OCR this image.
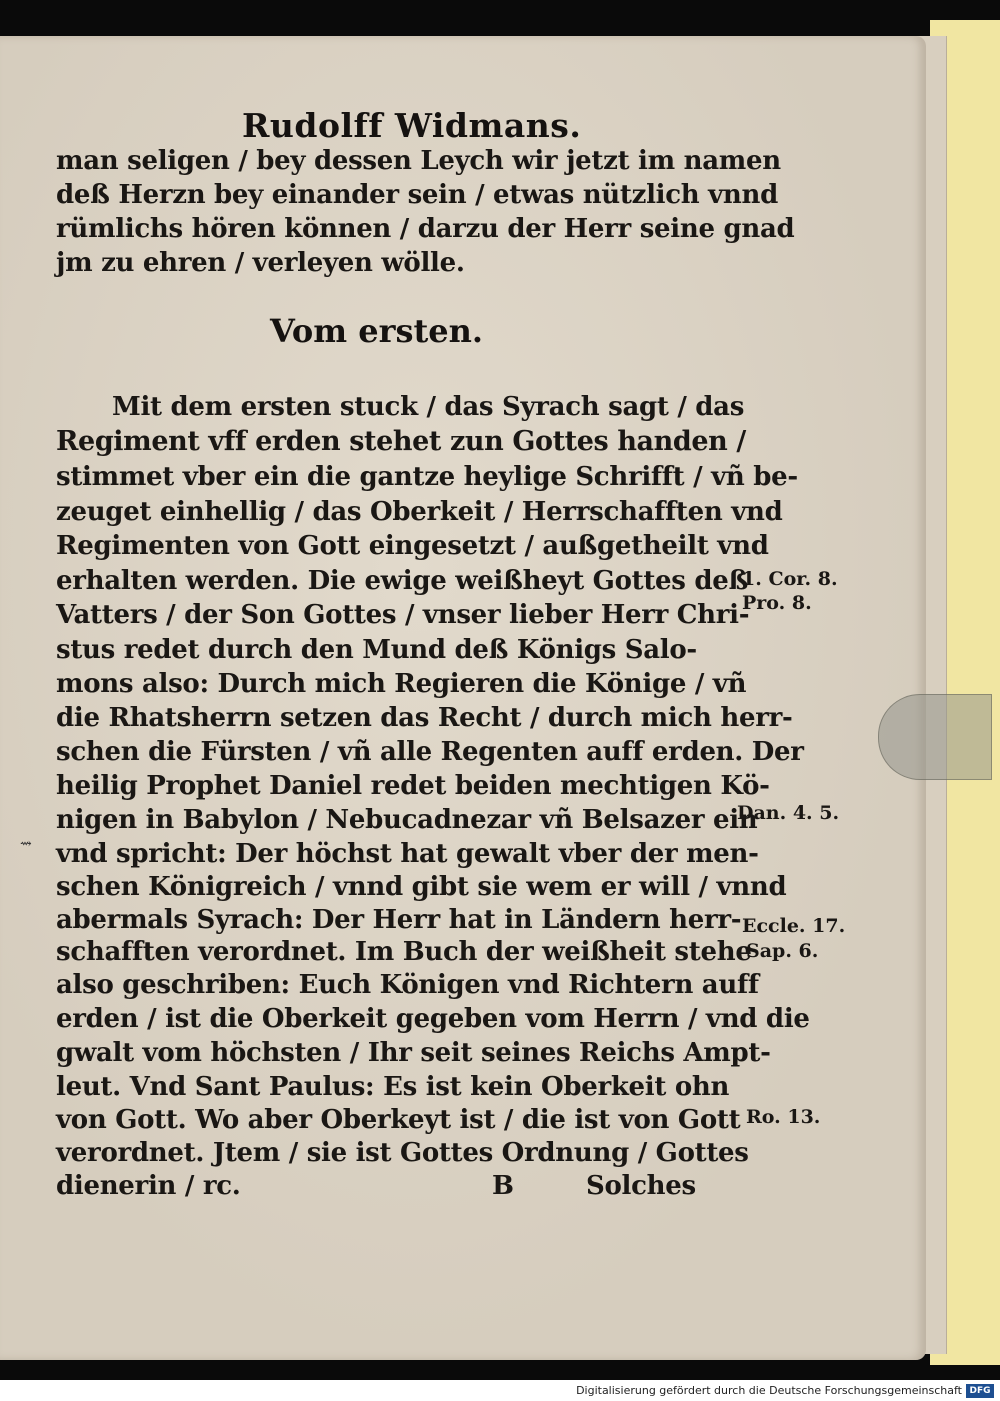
Rudolff Widmans.
man seligen / bey dessen Leych wir jetzt im namen
deß Herzn bey einander sein / etwas nützlich vnnd
rümlichs hören können / darzu der Herr seine gnad
jm zu ehren / verleyen wölle.
Vom ersten.
Mit dem ersten stuck / das Syrach sagt / das
Regiment vff erden stehet zun Gottes handen /
stimmet vber ein die gantze heylige Schrifft / vñ be-
zeuget einhellig / das Oberkeit / Herrschafften vnd
Regimenten von Gott eingesetzt / außgetheilt vnd
erhalten werden. Die ewige weißheyt Gottes deß
Vatters / der Son Gottes / vnser lieber Herr Chri-
stus redet durch den Mund deß Königs Salo-
mons also: Durch mich Regieren die Könige / vñ
die Rhatsherrn setzen das Recht / durch mich herr-
schen die Fürsten / vñ alle Regenten auff erden. Der
heilig Prophet Daniel redet beiden mechtigen Kö-
nigen in Babylon / Nebucadnezar vñ Belsazer ein
vnd spricht: Der höchst hat gewalt vber der men-
schen Königreich / vnnd gibt sie wem er will / vnnd
abermals Syrach: Der Herr hat in Ländern herr-
schafften verordnet. Im Buch der weißheit stehe
also geschriben: Euch Königen vnd Richtern auff
erden / ist die Oberkeit gegeben vom Herrn / vnd die
gwalt vom höchsten / Ihr seit seines Reichs Ampt-
leut. Vnd Sant Paulus: Es ist kein Oberkeit ohn
von Gott. Wo aber Oberkeyt ist / die ist von Gott
verordnet. Jtem / sie ist Gottes Ordnung / Gottes
dienerin / rc.	B	Solches
1. Cor. 8.
Pro. 8.
Dan. 4. 5.
Eccle. 17.
Sap. 6.
Ro. 13.
⇝
Digitalisierung gefördert durch die Deutsche Forschungsgemeinschaft DFG
